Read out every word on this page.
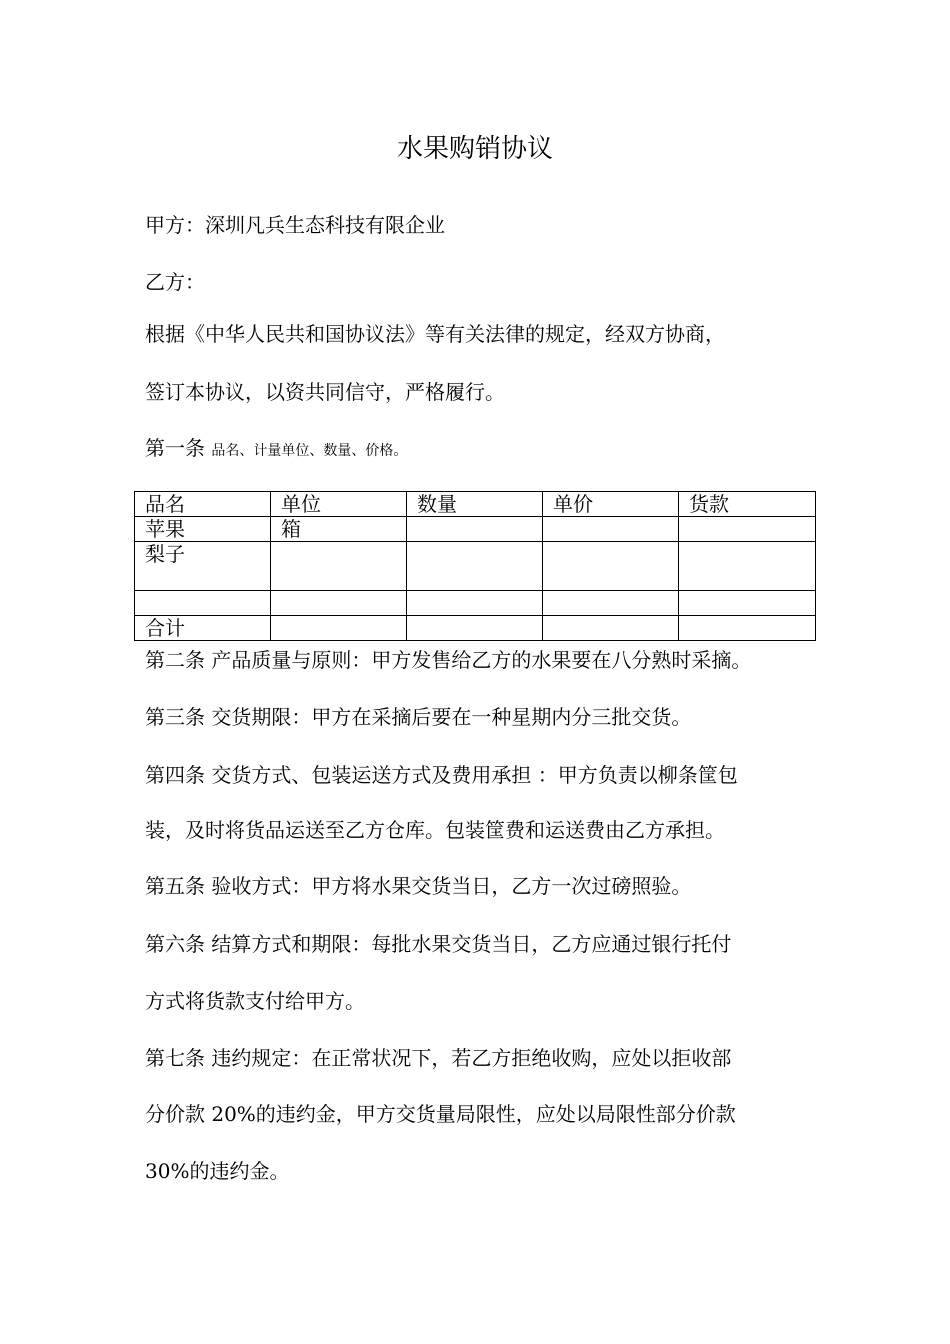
水果购销协议
甲方：深圳凡兵生态科技有限企业
乙方：
根据《中华人民共和国协议法》等有关法律的规定，经双方协商，
签订本协议，以资共同信守，严格履行。
第一条 品名、计量单位、数量、价格。
品名	单位	数量	单价	货款
苹果	箱			
梨子				

合计				
第二条 产品质量与原则：甲方发售给乙方的水果要在八分熟时采摘。
第三条 交货期限：甲方在采摘后要在一种星期内分三批交货。
第四条 交货方式、包装运送方式及费用承担 ：甲方负责以柳条筐包
装，及时将货品运送至乙方仓库。包装筐费和运送费由乙方承担。
第五条 验收方式：甲方将水果交货当日，乙方一次过磅照验。
第六条 结算方式和期限：每批水果交货当日，乙方应通过银行托付
方式将货款支付给甲方。
第七条 违约规定：在正常状况下，若乙方拒绝收购，应处以拒收部
分价款 20%的违约金，甲方交货量局限性，应处以局限性部分价款
30%的违约金。
